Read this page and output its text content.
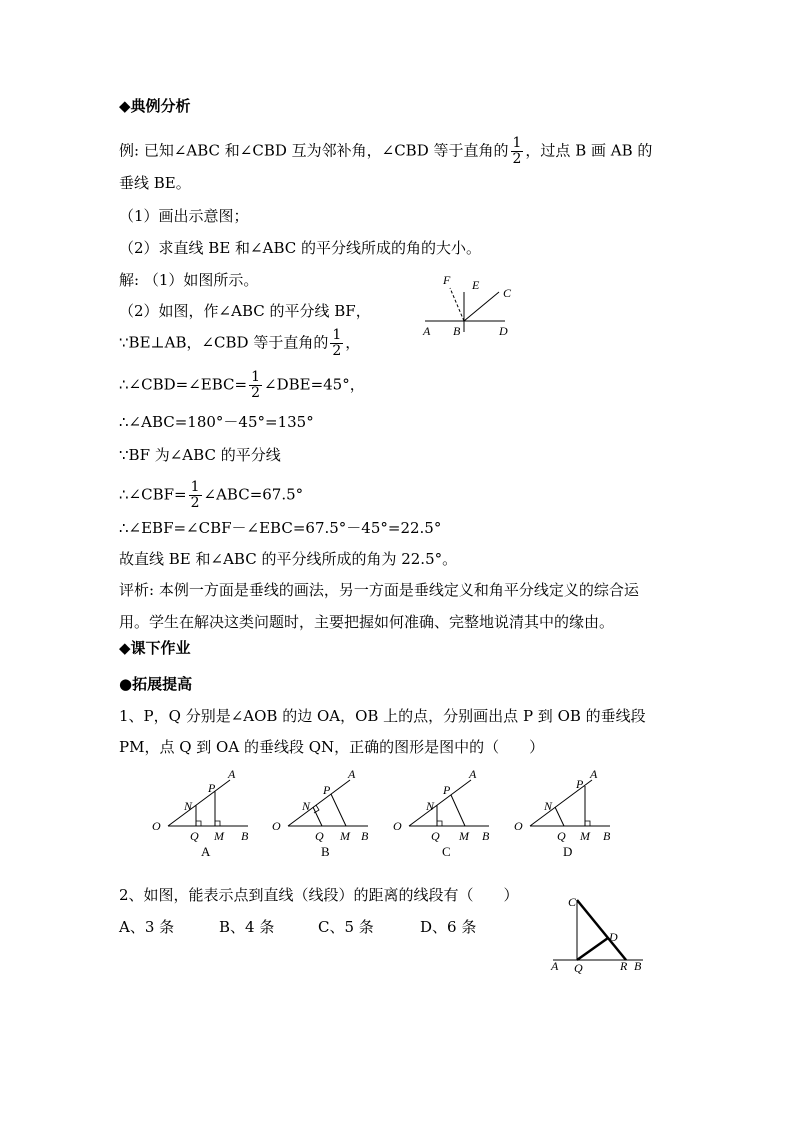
◆典例分析
例: 已知∠ABC 和∠CBD 互为邻补角，∠CBD 等于直角的 $\frac{1}{2}$ ，过点 B 画 AB 的
垂线 BE。
（1）画出示意图；
（2）求直线 BE 和∠ABC 的平分线所成的角的大小。
解: （1）如图所示。
（2）如图，作∠ABC 的平分线 BF，
∵BE⊥AB，∠CBD 等于直角的 $\frac{1}{2}$ ，
∴∠CBD=∠EBC= $\frac{1}{2}$ ∠DBE=45°，
∴∠ABC=180°－45°=135°
∵BF 为∠ABC 的平分线
∴∠CBF= $\frac{1}{2}$ ∠ABC=67.5°
∴∠EBF=∠CBF－∠EBC=67.5°－45°=22.5°
故直线 BE 和∠ABC 的平分线所成的角为 22.5°。
评析: 本例一方面是垂线的画法，另一方面是垂线定义和角平分线定义的综合运
用。学生在解决这类问题时，主要把握如何准确、完整地说清其中的缘由。
F E
C
A B	D
◆课下作业
●拓展提高
1、P，Q 分别是∠AOB 的边 OA，OB 上的点，分别画出点 P 到 OB 的垂线段
PM，点 Q 到 OA 的垂线段 QN，正确的图形是图中的（　　）
O
A
N
P
Q M B
A
O
A
N
P
Q M B
B
O
A
N
P
Q M B
C
O
A
N
P
Q M B
D
2、如图，能表示点到直线（线段）的距离的线段有（　　）
A、3 条	B、4 条	C、5 条	D、6 条
C
D
A Q	R B
